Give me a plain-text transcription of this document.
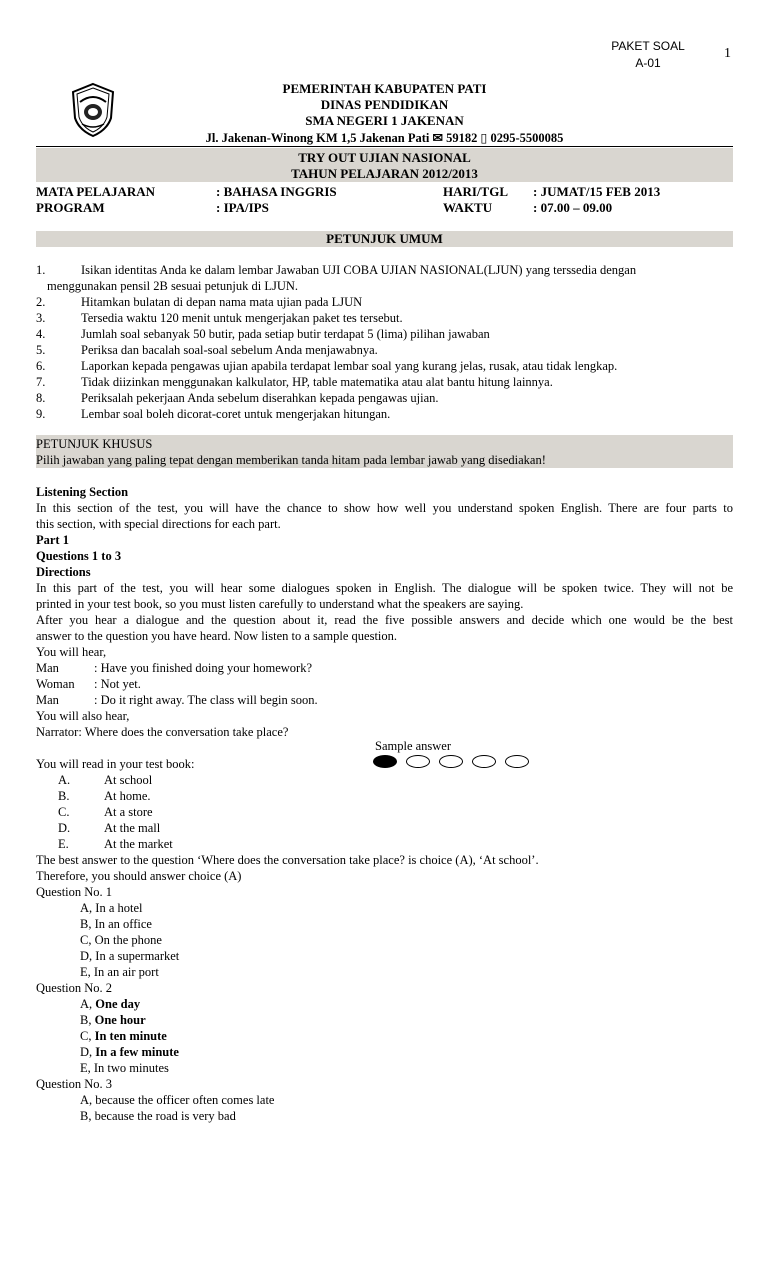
PAKET SOAL
A-01
1
PEMERINTAH KABUPATEN PATI
DINAS PENDIDIKAN
SMA NEGERI 1 JAKENAN
Jl. Jakenan-Winong KM 1,5 Jakenan Pati ✉ 59182 ▯ 0295-5500085
TRY OUT UJIAN NASIONAL
TAHUN PELAJARAN 2012/2013
MATA PELAJARAN	: BAHASA INGGRIS	HARI/TGL : JUMAT/15 FEB 2013
PROGRAM	: IPA/IPS	WAKTU	: 07.00 – 09.00
PETUNJUK UMUM
1.	Isikan identitas Anda ke dalam lembar Jawaban UJI COBA UJIAN NASIONAL(LJUN) yang terssedia dengan
menggunakan pensil 2B sesuai petunjuk di LJUN.
2.	Hitamkan bulatan di depan nama mata ujian pada LJUN
3.	Tersedia waktu 120 menit untuk mengerjakan paket tes tersebut.
4.	Jumlah soal sebanyak 50 butir, pada setiap butir terdapat 5 (lima) pilihan jawaban
5.	Periksa dan bacalah soal-soal sebelum Anda menjawabnya.
6.	Laporkan kepada pengawas ujian apabila terdapat lembar soal yang kurang jelas, rusak, atau tidak lengkap.
7.	Tidak diizinkan menggunakan kalkulator, HP, table matematika atau alat bantu hitung lainnya.
8.	Periksalah pekerjaan Anda sebelum diserahkan kepada pengawas ujian.
9.	Lembar soal boleh dicorat-coret untuk mengerjakan hitungan.
PETUNJUK KHUSUS
Pilih jawaban yang paling tepat dengan memberikan tanda hitam pada lembar jawab yang disediakan!

Listening Section

In this section of the test, you will have the chance to show how well you understand spoken English. There are four parts to

this section, with special directions for each part.

Part 1

Questions 1 to 3

Directions

In this part of the test, you will hear some dialogues spoken in English. The dialogue will be spoken twice. They will not be

printed in your test book, so you must listen carefully to understand what the speakers are saying.

After you hear a dialogue and the question about it, read the five possible answers and decide which one would be the best

answer to the question you have heard. Now listen to a sample question.

You will hear,

Man	: Have you finished doing your homework?
Woman	: Not yet.
Man	: Do it right away. The class will begin soon.

You will also hear,

Narrator: Where does the conversation take place?

You will read in your test book:

A.	At school
B.	At home.
C.	At a store
D.	At the mall
E.	At the market

The best answer to the question ‘Where does the conversation take place? is choice (A), ‘At school’.

Therefore, you should answer choice (A)

Question No. 1

A, In a hotel
B, In an office
C, On the phone
D, In a supermarket
E, In an air port

Question No. 2

A, One day
B, One hour
C, In ten minute
D, In a few minute
E, In two minutes

Question No. 3

A, because the officer often comes late
B, because the road is very bad
Sample answer
